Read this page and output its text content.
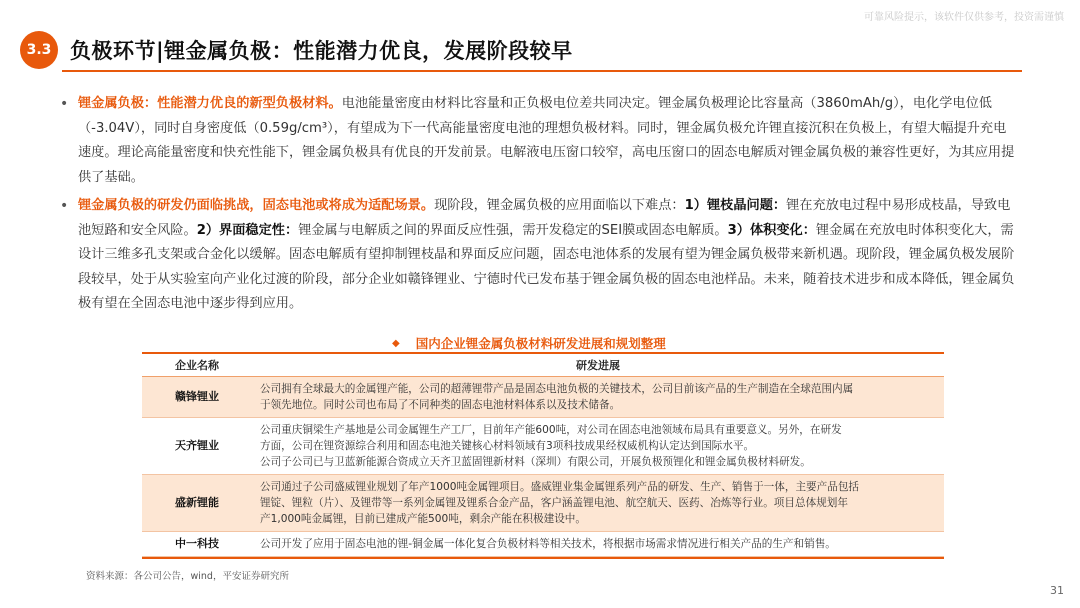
可靠风险提示，该软件仅供参考，投资需谨慎
3.3 负极环节|锂金属负极：性能潜力优良，发展阶段较早
• 锂金属负极：性能潜力优良的新型负极材料。电池能量密度由材料比容量和正负极电位差共同决定。锂金属负极理论比容量高（3860mAh/g），电化学电位低（-3.04V），同时自身密度低（0.59g/cm³），有望成为下一代高能量密度电池的理想负极材料。同时，锂金属负极允许锂直接沉积在负极上，有望大幅提升充电速度。理论高能量密度和快充性能下，锂金属负极具有优良的开发前景。电解液电压窗口较窄，高电压窗口的固态电解质对锂金属负极的兼容性更好，为其应用提供了基础。
• 锂金属负极的研发仍面临挑战，固态电池或将成为适配场景。现阶段，锂金属负极的应用面临以下难点：1）锂枝晶问题：锂在充放电过程中易形成枝晶，导致电池短路和安全风险。2）界面稳定性：锂金属与电解质之间的界面反应性强，需开发稳定的SEI膜或固态电解质。3）体积变化：锂金属在充放电时体积变化大，需设计三维多孔支架或合金化以缓解。固态电解质有望抑制锂枝晶和界面反应问题，固态电池体系的发展有望为锂金属负极带来新机遇。现阶段，锂金属负极发展阶段较早，处于从实验室向产业化过渡的阶段，部分企业如赣锋锂业、宁德时代已发布基于锂金属负极的固态电池样品。未来，随着技术进步和成本降低，锂金属负极有望在全固态电池中逐步得到应用。
◆ 国内企业锂金属负极材料研发进展和规划整理
企业名称	研发进展
赣锋锂业	公司拥有全球最大的金属锂产能，公司的超薄锂带产品是固态电池负极的关键技术，公司目前该产品的生产制造在全球范围内属
于领先地位。同时公司也布局了不同种类的固态电池材料体系以及技术储备。

天齐锂业	公司重庆铜梁生产基地是公司金属锂生产工厂，目前年产能600吨，对公司在固态电池领域布局具有重要意义。另外，在研发
方面，公司在锂资源综合利用和固态电池关键核心材料领域有3项科技成果经权威机构认定达到国际水平。
公司子公司已与卫蓝新能源合资成立天齐卫蓝固锂新材料（深圳）有限公司，开展负极预锂化和锂金属负极材料研发。

盛新锂能	公司通过子公司盛威锂业规划了年产1000吨金属锂项目。盛威锂业集金属锂系列产品的研发、生产、销售于一体，主要产品包括
锂锭、锂粒（片）、及锂带等一系列金属锂及锂系合金产品，客户涵盖锂电池、航空航天、医药、冶炼等行业。项目总体规划年
产1,000吨金属锂，目前已建成产能500吨，剩余产能在积极建设中。

中一科技	公司开发了应用于固态电池的锂-铜金属一体化复合负极材料等相关技术，将根据市场需求情况进行相关产品的生产和销售。
资料来源：各公司公告，wind，平安证券研究所
31
